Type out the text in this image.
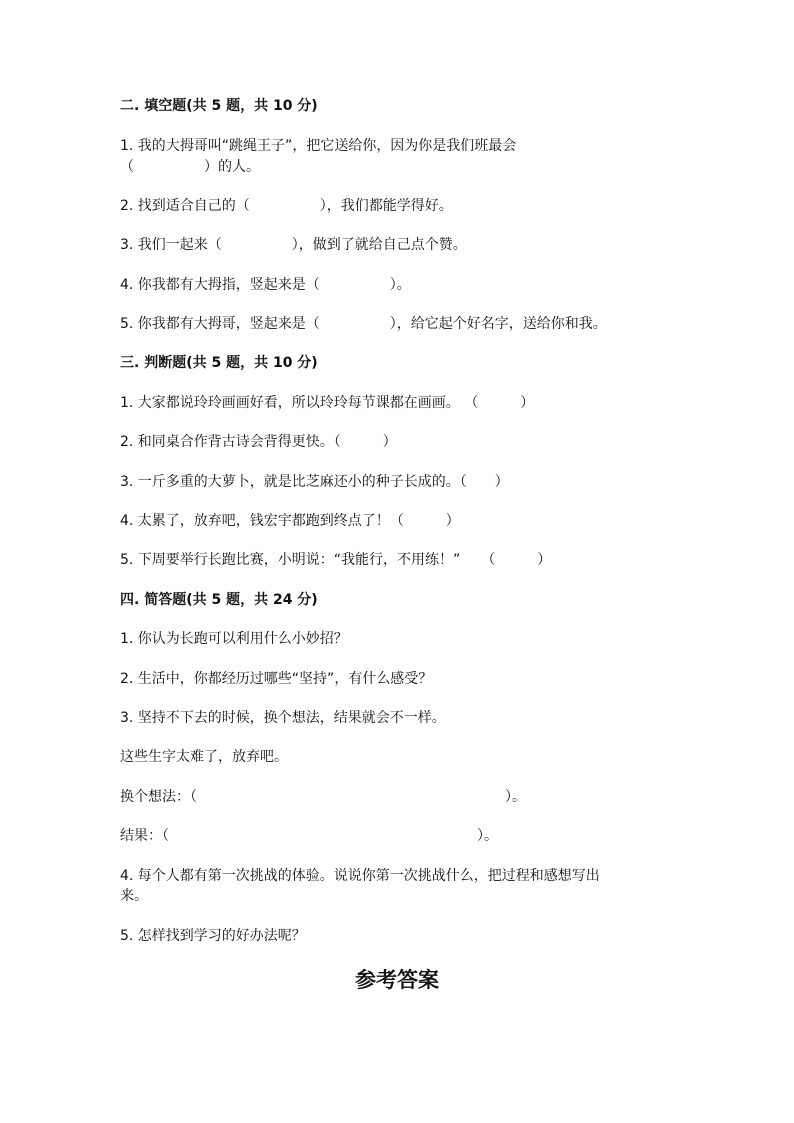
二. 填空题(共 5 题，共 10 分)
1. 我的大拇哥叫“跳绳王子”，把它送给你，因为你是我们班最会
（　　　　　）的人。
2. 找到适合自己的（　　　　　），我们都能学得好。
3. 我们一起来（　　　　　），做到了就给自己点个赞。
4. 你我都有大拇指，竖起来是（　　　　　）。
5. 你我都有大拇哥，竖起来是（　　　　　），给它起个好名字，送给你和我。
三. 判断题(共 5 题，共 10 分)
1. 大家都说玲玲画画好看，所以玲玲每节课都在画画。 （　　　）
2. 和同桌合作背古诗会背得更快。（　　　）
3. 一斤多重的大萝卜，就是比芝麻还小的种子长成的。（　　）
4. 太累了，放弃吧，钱宏宇都跑到终点了！（　　　）
5. 下周要举行长跑比赛，小明说：“我能行，不用练！”　　（　　　）
四. 简答题(共 5 题，共 24 分)
1. 你认为长跑可以利用什么小妙招？
2. 生活中，你都经历过哪些“坚持”，有什么感受？
3. 坚持不下去的时候，换个想法，结果就会不一样。
这些生字太难了，放弃吧。
换个想法：（　　　　　　　　　　　　　　　　　　　　　　）。
结果：（　　　　　　　　　　　　　　　　　　　　　　）。
4. 每个人都有第一次挑战的体验。说说你第一次挑战什么，把过程和感想写出
来。
5. 怎样找到学习的好办法呢？
参考答案
